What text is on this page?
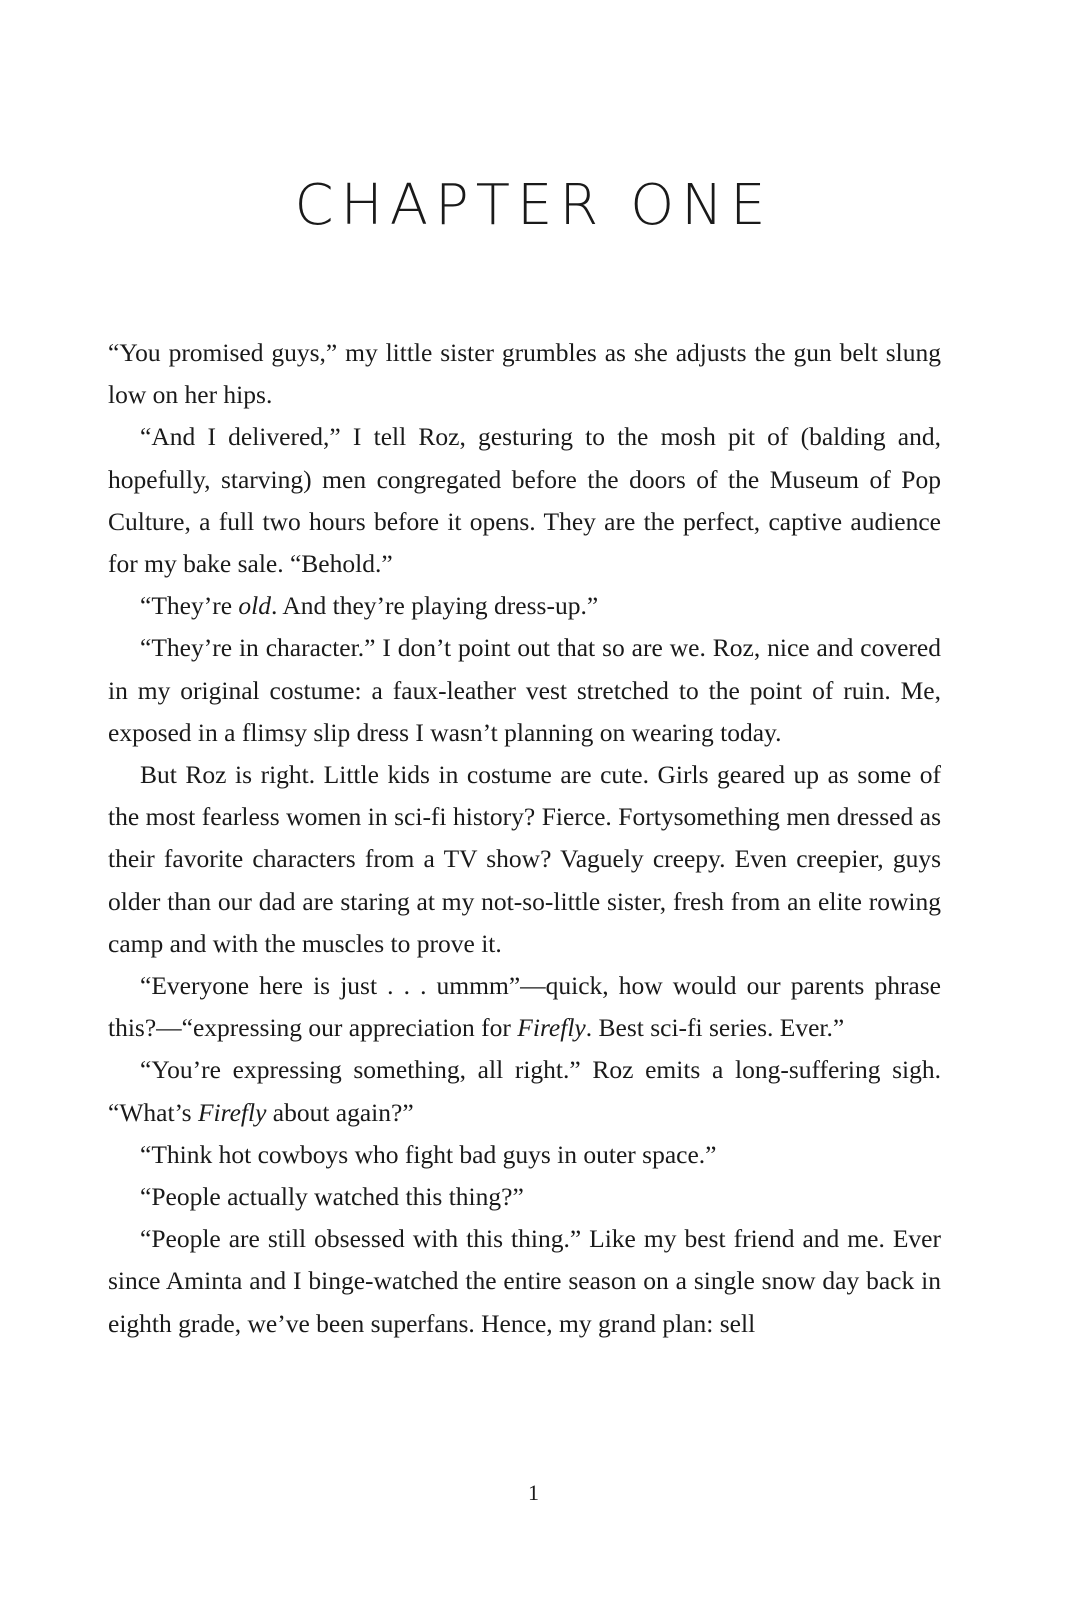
CHAPTER ONE

“You promised guys,” my little sister grumbles as she adjusts the gun belt slung low on her hips.

“And I delivered,” I tell Roz, gesturing to the mosh pit of (balding and, hopefully, starving) men congregated before the doors of the Museum of Pop Culture, a full two hours before it opens. They are the perfect, captive audience for my bake sale. “Behold.”

“They’re old. And they’re playing dress-up.”

“They’re in character.” I don’t point out that so are we. Roz, nice and covered in my original costume: a faux-leather vest stretched to the point of ruin. Me, exposed in a flimsy slip dress I wasn’t planning on wearing today.

But Roz is right. Little kids in costume are cute. Girls geared up as some of the most fearless women in sci-fi history? Fierce. Fortysomething men dressed as their favorite characters from a TV show? Vaguely creepy. Even creepier, guys older than our dad are staring at my not-so-little sister, fresh from an elite rowing camp and with the muscles to prove it.

“Everyone here is just . . . ummm”—quick, how would our parents phrase this?—“expressing our appreciation for Firefly. Best sci-fi series. Ever.”

“You’re expressing something, all right.” Roz emits a long-suffering sigh. “What’s Firefly about again?”

“Think hot cowboys who fight bad guys in outer space.”

“People actually watched this thing?”

“People are still obsessed with this thing.” Like my best friend and me. Ever since Aminta and I binge-watched the entire season on a single snow day back in eighth grade, we’ve been superfans. Hence, my grand plan: sell

1
